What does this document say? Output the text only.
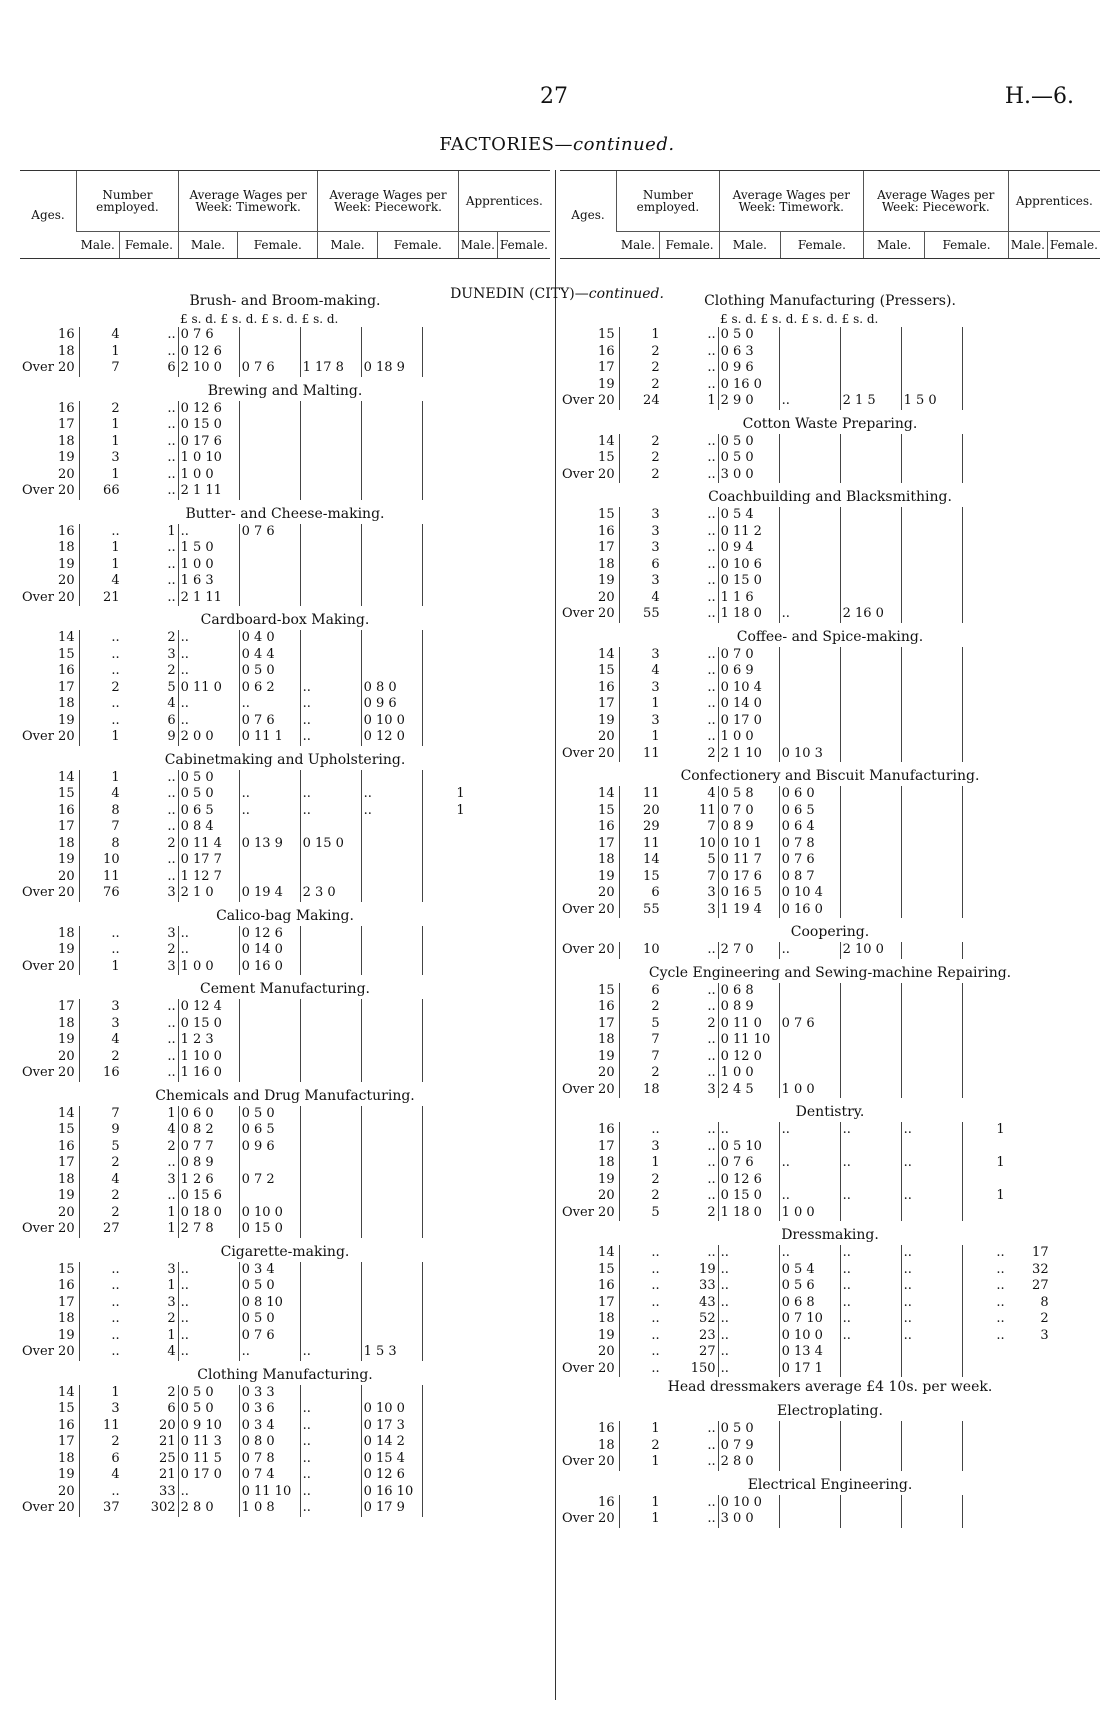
27	H.—6.
FACTORIES—continued.
Ages.	Number employed.		Average Wages per Week: Timework.		Average Wages per Week: Piecework.		Apprentices.	
	Male.	Female.	Male.	Female.	Male.	Female.	Male.	Female.
Brush- and Broom-making.
£ s. d. £ s. d. £ s. d. £ s. d.
16	4	..	0 7 6					
18	1	..	0 12 6					
Over 20	7	6	2 10 0	0 7 6	1 17 8	0 18 9		
Brewing and Malting.
16	2	..	0 12 6					
17	1	..	0 15 0					
18	1	..	0 17 6					
19	3	..	1 0 10					
20	1	..	1 0 0					
Over 20	66	..	2 1 11					
Butter- and Cheese-making.
16	..	1	..	0 7 6				
18	1	..	1 5 0					
19	1	..	1 0 0					
20	4	..	1 6 3					
Over 20	21	..	2 1 11					
Cardboard-box Making.
14	..	2	..	0 4 0				
15	..	3	..	0 4 4				
16	..	2	..	0 5 0				
17	2	5	0 11 0	0 6 2	..	0 8 0		
18	..	4	..	..	..	0 9 6		
19	..	6	..	0 7 6	..	0 10 0		
Over 20	1	9	2 0 0	0 11 1	..	0 12 0		
Cabinetmaking and Upholstering.
14	1	..	0 5 0					
15	4	..	0 5 0	..	..	..	1	
16	8	..	0 6 5	..	..	..	1	
17	7	..	0 8 4					
18	8	2	0 11 4	0 13 9	0 15 0			
19	10	..	0 17 7					
20	11	..	1 12 7					
Over 20	76	3	2 1 0	0 19 4	2 3 0			
Calico-bag Making.
18	..	3	..	0 12 6				
19	..	2	..	0 14 0				
Over 20	1	3	1 0 0	0 16 0				
Cement Manufacturing.
17	3	..	0 12 4					
18	3	..	0 15 0					
19	4	..	1 2 3					
20	2	..	1 10 0					
Over 20	16	..	1 16 0					
Chemicals and Drug Manufacturing.
14	7	1	0 6 0	0 5 0				
15	9	4	0 8 2	0 6 5				
16	5	2	0 7 7	0 9 6				
17	2	..	0 8 9					
18	4	3	1 2 6	0 7 2				
19	2	..	0 15 6					
20	2	1	0 18 0	0 10 0				
Over 20	27	1	2 7 8	0 15 0				
Cigarette-making.
15	..	3	..	0 3 4				
16	..	1	..	0 5 0				
17	..	3	..	0 8 10				
18	..	2	..	0 5 0				
19	..	1	..	0 7 6				
Over 20	..	4	..	..	..	1 5 3		
Clothing Manufacturing.
14	1	2	0 5 0	0 3 3				
15	3	6	0 5 0	0 3 6	..	0 10 0		
16	11	20	0 9 10	0 3 4	..	0 17 3		
17	2	21	0 11 3	0 8 0	..	0 14 2		
18	6	25	0 11 5	0 7 8	..	0 15 4		
19	4	21	0 17 0	0 7 4	..	0 12 6		
20	..	33	..	0 11 10	..	0 16 10		
Over 20	37	302	2 8 0	1 0 8	..	0 17 9		
Ages.	Number employed.		Average Wages per Week: Timework.		Average Wages per Week: Piecework.		Apprentices.	
	Male.	Female.	Male.	Female.	Male.	Female.	Male.	Female.
Clothing Manufacturing (Pressers).
£ s. d. £ s. d. £ s. d. £ s. d.
15	1	..	0 5 0					
16	2	..	0 6 3					
17	2	..	0 9 6					
19	2	..	0 16 0					
Over 20	24	1	2 9 0	..	2 1 5	1 5 0		
Cotton Waste Preparing.
14	2	..	0 5 0					
15	2	..	0 5 0					
Over 20	2	..	3 0 0					
Coachbuilding and Blacksmithing.
15	3	..	0 5 4					
16	3	..	0 11 2					
17	3	..	0 9 4					
18	6	..	0 10 6					
19	3	..	0 15 0					
20	4	..	1 1 6					
Over 20	55	..	1 18 0	..	2 16 0			
Coffee- and Spice-making.
14	3	..	0 7 0					
15	4	..	0 6 9					
16	3	..	0 10 4					
17	1	..	0 14 0					
19	3	..	0 17 0					
20	1	..	1 0 0					
Over 20	11	2	2 1 10	0 10 3				
Confectionery and Biscuit Manufacturing.
14	11	4	0 5 8	0 6 0				
15	20	11	0 7 0	0 6 5				
16	29	7	0 8 9	0 6 4				
17	11	10	0 10 1	0 7 8				
18	14	5	0 11 7	0 7 6				
19	15	7	0 17 6	0 8 7				
20	6	3	0 16 5	0 10 4				
Over 20	55	3	1 19 4	0 16 0				
Coopering.
Over 20	10	..	2 7 0	..	2 10 0			
Cycle Engineering and Sewing-machine Repairing.
15	6	..	0 6 8					
16	2	..	0 8 9					
17	5	2	0 11 0	0 7 6				
18	7	..	0 11 10					
19	7	..	0 12 0					
20	2	..	1 0 0					
Over 20	18	3	2 4 5	1 0 0				
Dentistry.
16	..	..	..	..	..	..	1	
17	3	..	0 5 10					
18	1	..	0 7 6	..	..	..	1	
19	2	..	0 12 6					
20	2	..	0 15 0	..	..	..	1	
Over 20	5	2	1 18 0	1 0 0				
Dressmaking.
14	..	..	..	..	..	..	..	17
15	..	19	..	0 5 4	..	..	..	32
16	..	33	..	0 5 6	..	..	..	27
17	..	43	..	0 6 8	..	..	..	8
18	..	52	..	0 7 10	..	..	..	2
19	..	23	..	0 10 0	..	..	..	3
20	..	27	..	0 13 4				
Over 20	..	150	..	0 17 1				
Head dressmakers average £4 10s. per week.
Electroplating.
16	1	..	0 5 0					
18	2	..	0 7 9					
Over 20	1	..	2 8 0					
Electrical Engineering.
16	1	..	0 10 0					
Over 20	1	..	3 0 0					
DUNEDIN (CITY)—continued.
